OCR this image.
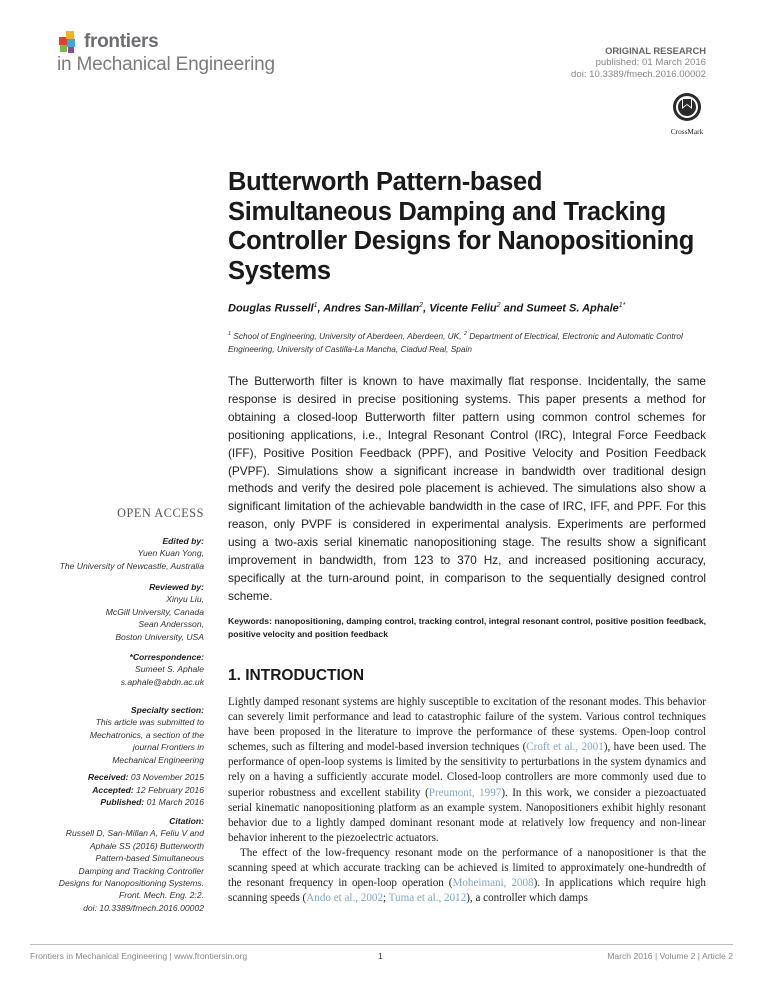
frontiers
in Mechanical Engineering
ORIGINAL RESEARCH
published: 01 March 2016
doi: 10.3389/fmech.2016.00002
CrossMark
Butterworth Pattern-based Simultaneous Damping and Tracking Controller Designs for Nanopositioning Systems
Douglas Russell$^1$, Andres San-Millan$^2$, Vicente Feliu$^2$ and Sumeet S. Aphale$^{1*}$
$^1$ School of Engineering, University of Aberdeen, Aberdeen, UK, $^2$ Department of Electrical, Electronic and Automatic Control Engineering, University of Castilla-La Mancha, Ciadud Real, Spain
The Butterworth filter is known to have maximally flat response. Incidentally, the same response is desired in precise positioning systems. This paper presents a method for obtaining a closed-loop Butterworth filter pattern using common control schemes for positioning applications, i.e., Integral Resonant Control (IRC), Integral Force Feedback (IFF), Positive Position Feedback (PPF), and Positive Velocity and Position Feedback (PVPF). Simulations show a significant increase in bandwidth over traditional design methods and verify the desired pole placement is achieved. The simulations also show a significant limitation of the achievable bandwidth in the case of IRC, IFF, and PPF. For this reason, only PVPF is considered in experimental analysis. Experiments are performed using a two-axis serial kinematic nanopositioning stage. The results show a significant improvement in bandwidth, from 123 to 370 Hz, and increased positioning accuracy, specifically at the turn-around point, in comparison to the sequentially designed control scheme.
Keywords: nanopositioning, damping control, tracking control, integral resonant control, positive position feedback, positive velocity and position feedback
1. INTRODUCTION

Lightly damped resonant systems are highly susceptible to excitation of the resonant modes. This behavior can severely limit performance and lead to catastrophic failure of the system. Various control techniques have been proposed in the literature to improve the performance of these systems. Open-loop control schemes, such as filtering and model-based inversion techniques (Croft et al., 2001), have been used. The performance of open-loop systems is limited by the sensitivity to perturbations in the system dynamics and rely on a having a sufficiently accurate model. Closed-loop controllers are more commonly used due to superior robustness and excellent stability (Preumont, 1997). In this work, we consider a piezoactuated serial kinematic nanopositioning platform as an example system. Nanopositioners exhibit highly resonant behavior due to a lightly damped dominant resonant mode at relatively low frequency and non-linear behavior inherent to the piezoelectric actuators.

The effect of the low-frequency resonant mode on the performance of a nanopositioner is that the scanning speed at which accurate tracking can be achieved is limited to approximately one-hundredth of the resonant frequency in open-loop operation (Moheimani, 2008). In applications which require high scanning speeds (Ando et al., 2002; Tuma et al., 2012), a controller which damps

OPEN ACCESS
Edited by:
Yuen Kuan Yong,
The University of Newcastle, Australia
Reviewed by:
Xinyu Liu,
McGill University, Canada
Sean Andersson,
Boston University, USA
*Correspondence:
Sumeet S. Aphale
s.aphale@abdn.ac.uk
Specialty section:
This article was submitted to
Mechatronics, a section of the
journal Frontiers in
Mechanical Engineering
Received: 03 November 2015
Accepted: 12 February 2016
Published: 01 March 2016
Citation:
Russell D, San-Millan A, Feliu V and
Aphale SS (2016) Butterworth
Pattern-based Simultaneous
Damping and Tracking Controller
Designs for Nanopositioning Systems.
Front. Mech. Eng. 2:2.
doi: 10.3389/fmech.2016.00002
Frontiers in Mechanical Engineering | www.frontiersin.org	1	March 2016 | Volume 2 | Article 2
